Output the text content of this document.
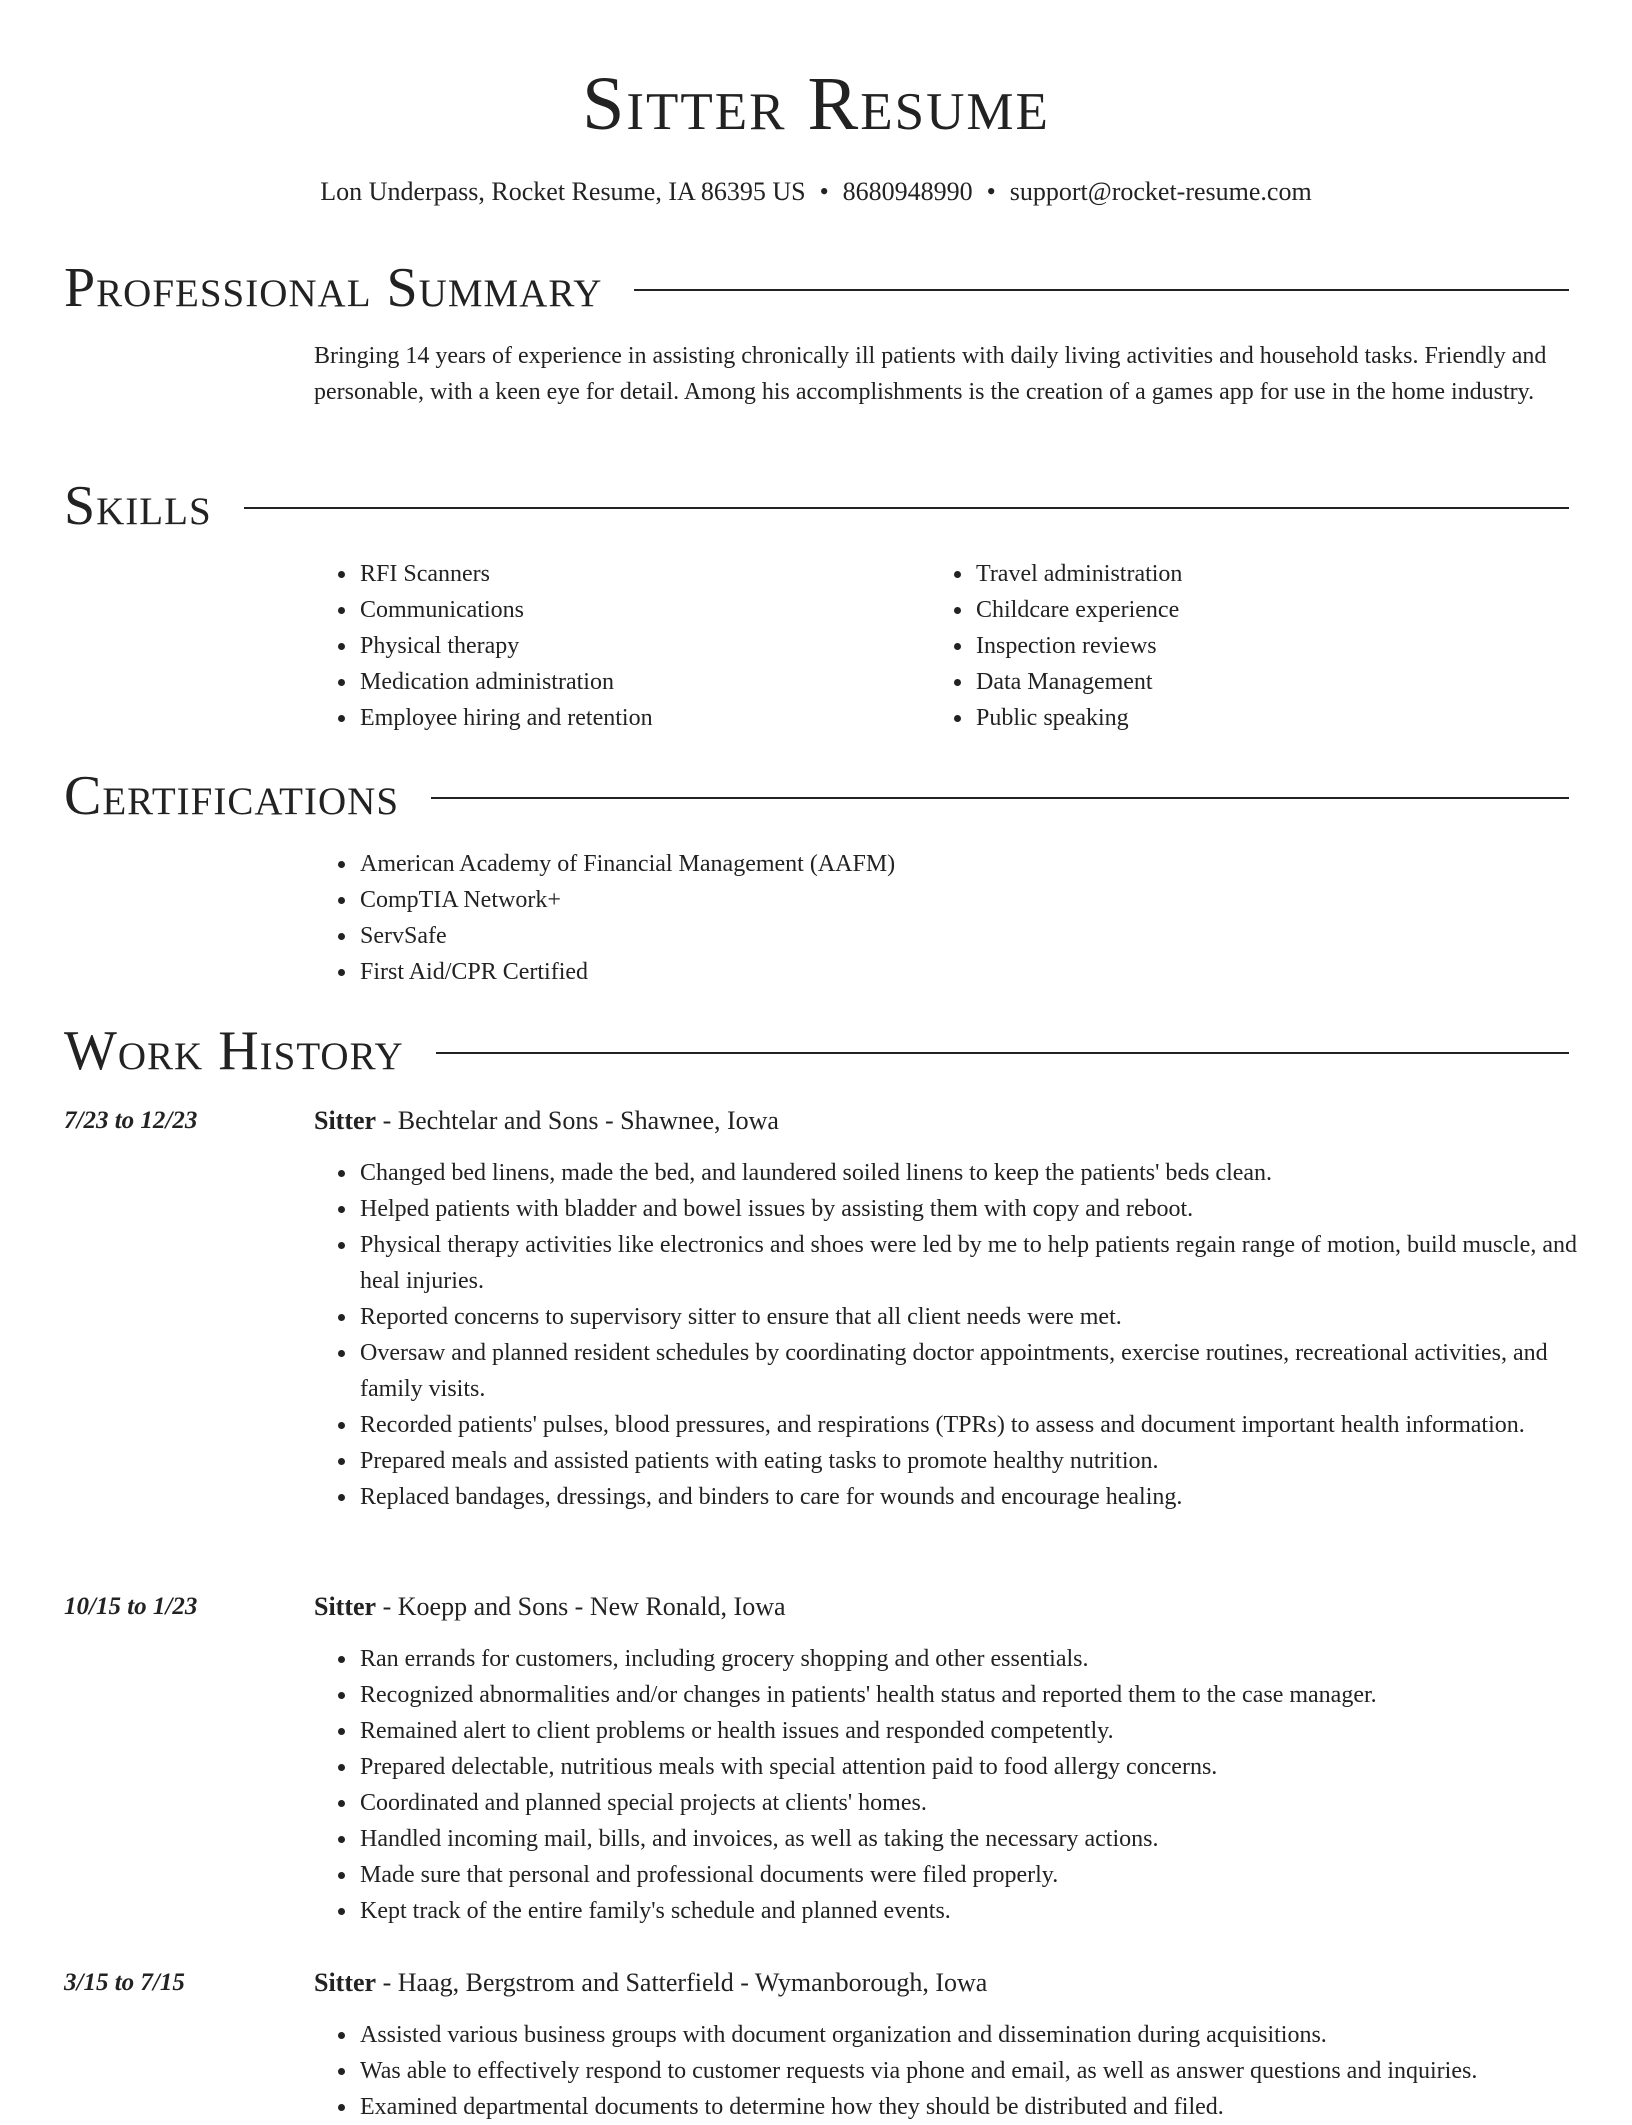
Sitter Resume
Lon Underpass, Rocket Resume, IA 86395 US • 8680948990 • support@rocket-resume.com
Professional Summary

Bringing 14 years of experience in assisting chronically ill patients with daily living activities and household tasks. Friendly and personable, with a keen eye for detail. Among his accomplishments is the creation of a games app for use in the home industry.

Skills
• RFI Scanners
• Communications
• Physical therapy
• Medication administration
• Employee hiring and retention
• Travel administration
• Childcare experience
• Inspection reviews
• Data Management
• Public speaking
Certifications
• American Academy of Financial Management (AAFM)
• CompTIA Network+
• ServSafe
• First Aid/CPR Certified
Work History
7/23 to 12/23	Sitter - Bechtelar and Sons - Shawnee, Iowa
• Changed bed linens, made the bed, and laundered soiled linens to keep the patients' beds clean.
• Helped patients with bladder and bowel issues by assisting them with copy and reboot.
• Physical therapy activities like electronics and shoes were led by me to help patients regain range of motion, build muscle, and heal injuries.
• Reported concerns to supervisory sitter to ensure that all client needs were met.
• Oversaw and planned resident schedules by coordinating doctor appointments, exercise routines, recreational activities, and family visits.
• Recorded patients' pulses, blood pressures, and respirations (TPRs) to assess and document important health information.
• Prepared meals and assisted patients with eating tasks to promote healthy nutrition.
• Replaced bandages, dressings, and binders to care for wounds and encourage healing.
10/15 to 1/23	Sitter - Koepp and Sons - New Ronald, Iowa
• Ran errands for customers, including grocery shopping and other essentials.
• Recognized abnormalities and/or changes in patients' health status and reported them to the case manager.
• Remained alert to client problems or health issues and responded competently.
• Prepared delectable, nutritious meals with special attention paid to food allergy concerns.
• Coordinated and planned special projects at clients' homes.
• Handled incoming mail, bills, and invoices, as well as taking the necessary actions.
• Made sure that personal and professional documents were filed properly.
• Kept track of the entire family's schedule and planned events.
3/15 to 7/15	Sitter - Haag, Bergstrom and Satterfield - Wymanborough, Iowa
• Assisted various business groups with document organization and dissemination during acquisitions.
• Was able to effectively respond to customer requests via phone and email, as well as answer questions and inquiries.
• Examined departmental documents to determine how they should be distributed and filed.
